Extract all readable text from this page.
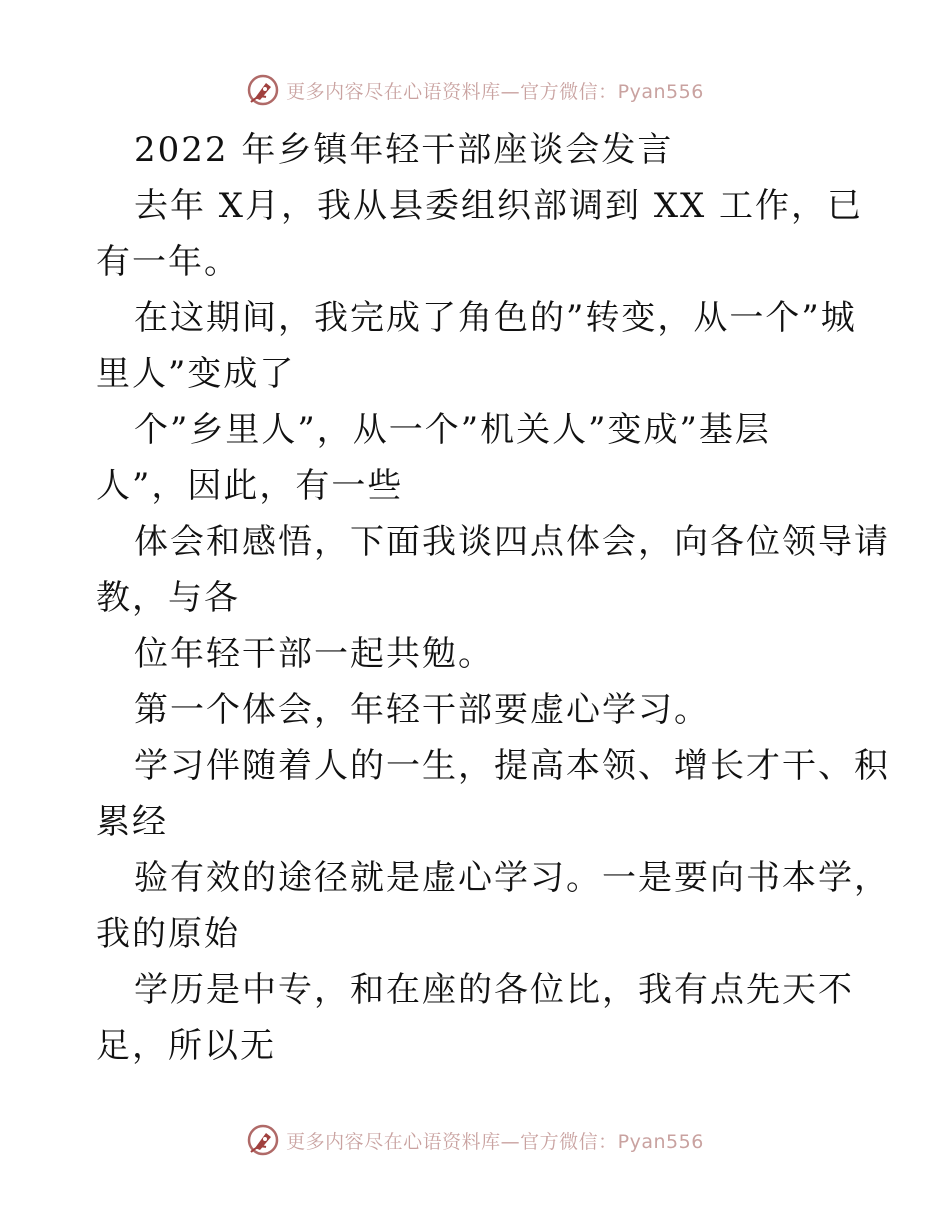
更多内容尽在心语资料库—官方微信：Pyan556
2022 年乡镇年轻干部座谈会发言
去年 X月，我从县委组织部调到 XX 工作，已
有一年。
在这期间，我完成了角色的”转变，从一个”城
里人”变成了
个”乡里人”，从一个”机关人”变成”基层
人”，因此，有一些
体会和感悟，下面我谈四点体会，向各位领导请
教，与各
位年轻干部一起共勉。
第一个体会，年轻干部要虚心学习。
学习伴随着人的一生，提高本领、增长才干、积
累经
验有效的途径就是虚心学习。一是要向书本学，
我的原始
学历是中专，和在座的各位比，我有点先天不
足，所以无
更多内容尽在心语资料库—官方微信：Pyan556
